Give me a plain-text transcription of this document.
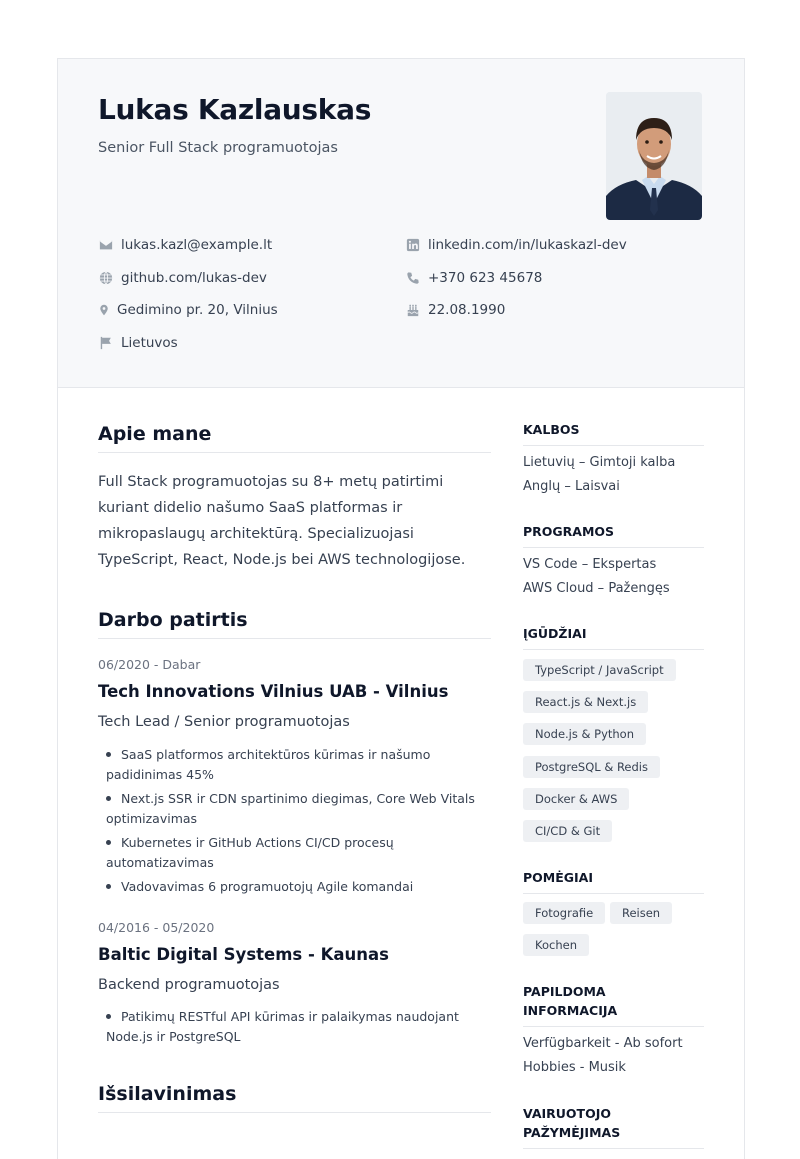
Lukas Kazlauskas
Senior Full Stack programuotojas
lukas.kazl@example.lt	linkedin.com/in/lukaskazl-dev
github.com/lukas-dev	+370 623 45678
Gedimino pr. 20, Vilnius	22.08.1990
Lietuvos
Apie mane

Full Stack programuotojas su 8+ metų patirtimi kuriant didelio našumo SaaS platformas ir mikropaslaugų architektūrą. Specializuojasi TypeScript, React, Node.js bei AWS technologijose.

Darbo patirtis
06/2020 - Dabar
Tech Innovations Vilnius UAB - Vilnius
Tech Lead / Senior programuotojas
SaaS platformos architektūros kūrimas ir našumo padidinimas 45%
Next.js SSR ir CDN spartinimo diegimas, Core Web Vitals optimizavimas
Kubernetes ir GitHub Actions CI/CD procesų automatizavimas
Vadovavimas 6 programuotojų Agile komandai
04/2016 - 05/2020
Baltic Digital Systems - Kaunas
Backend programuotojas
Patikimų RESTful API kūrimas ir palaikymas naudojant Node.js ir PostgreSQL
Išsilavinimas
KALBOS
Lietuvių – Gimtoji kalba
Anglų – Laisvai
PROGRAMOS
VS Code – Ekspertas
AWS Cloud – Pažengęs
ĮGŪDŽIAI
TypeScript / JavaScript
React.js & Next.js
Node.js & Python
PostgreSQL & Redis
Docker & AWS
CI/CD & Git
POMĖGIAI
Fotografie	Reisen
Kochen
PAPILDOMA INFORMACIJA
Verfügbarkeit - Ab sofort
Hobbies - Musik
VAIRUOTOJO PAŽYMĖJIMAS
